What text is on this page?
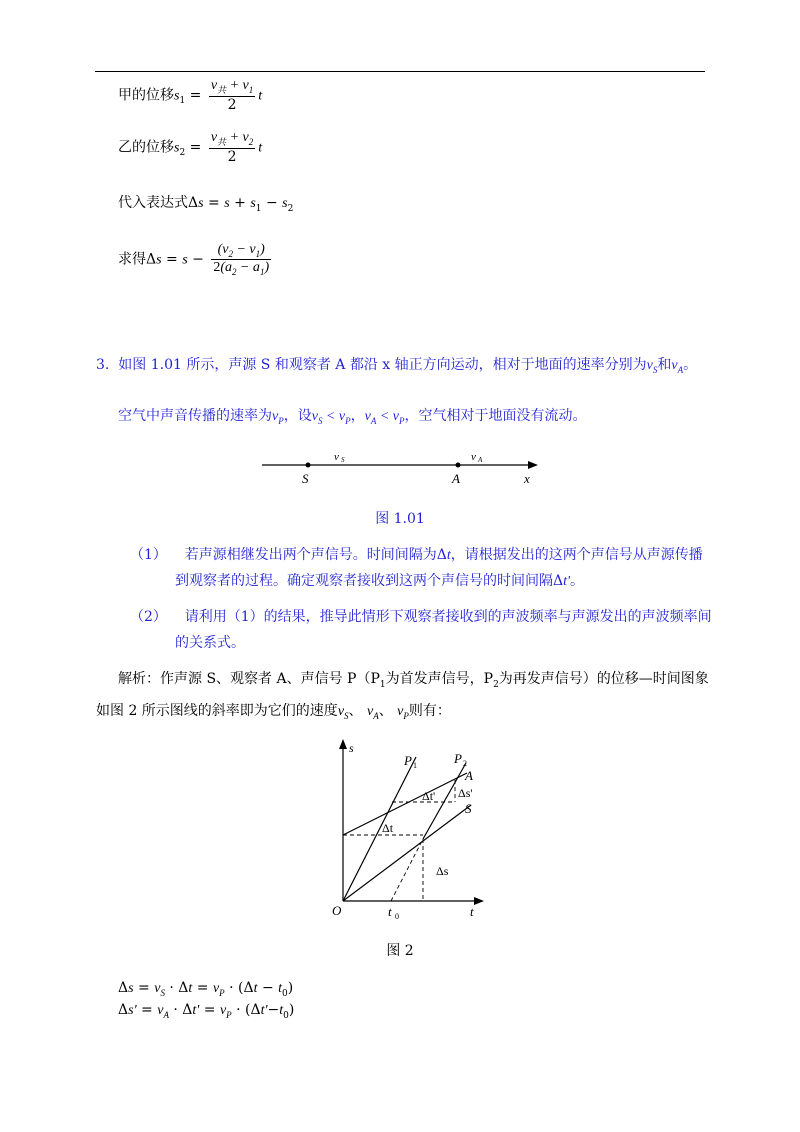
甲的位移$s_1 = \frac{v_共 + v_1}{2}$ t
乙的位移$s_2 = \frac{v_共 + v_2}{2}$ t
代入表达式$\Delta s = s + s_1 - s_2$
求得$\Delta s = s - \frac{(v_2 - v_1)}{2(a_2 - a_1)}$
3. 如图 1.01 所示，声源 S 和观察者 A 都沿 x 轴正方向运动，相对于地面的速率分别为$v_S$和$v_A$。
空气中声音传播的速率为$v_P$，设$v_S < v_P$，$v_A < v_P$，空气相对于地面没有流动。
S	A	x
v S	v A
图 1.01
（1） 若声源相继发出两个声信号。时间间隔为Δt，请根据发出的这两个声信号从声源传播
到观察者的过程。确定观察者接收到这两个声信号的时间间隔Δt'。
（2） 请利用（1）的结果，推导此情形下观察者接收到的声波频率与声源发出的声波频率间
的关系式。
解析：作声源 S、观察者 A、声信号 $P(P_1$为首发声信号，$P_2$为再发声信号）的位移—时间图象
如图 2 所示图线的斜率即为它们的速度$v_S$、 $v_A$、 $v_P$则有：
s
P 1	P 2
A
Δt' Δs'
S
Δt
Δs
O	t 0	t
图 2
$\Delta s = v_S \cdot \Delta t = v_P \cdot (\Delta t - t_0)$
$\Delta s' = v_A \cdot \Delta t' = v_P \cdot (\Delta t'-t_0)$
